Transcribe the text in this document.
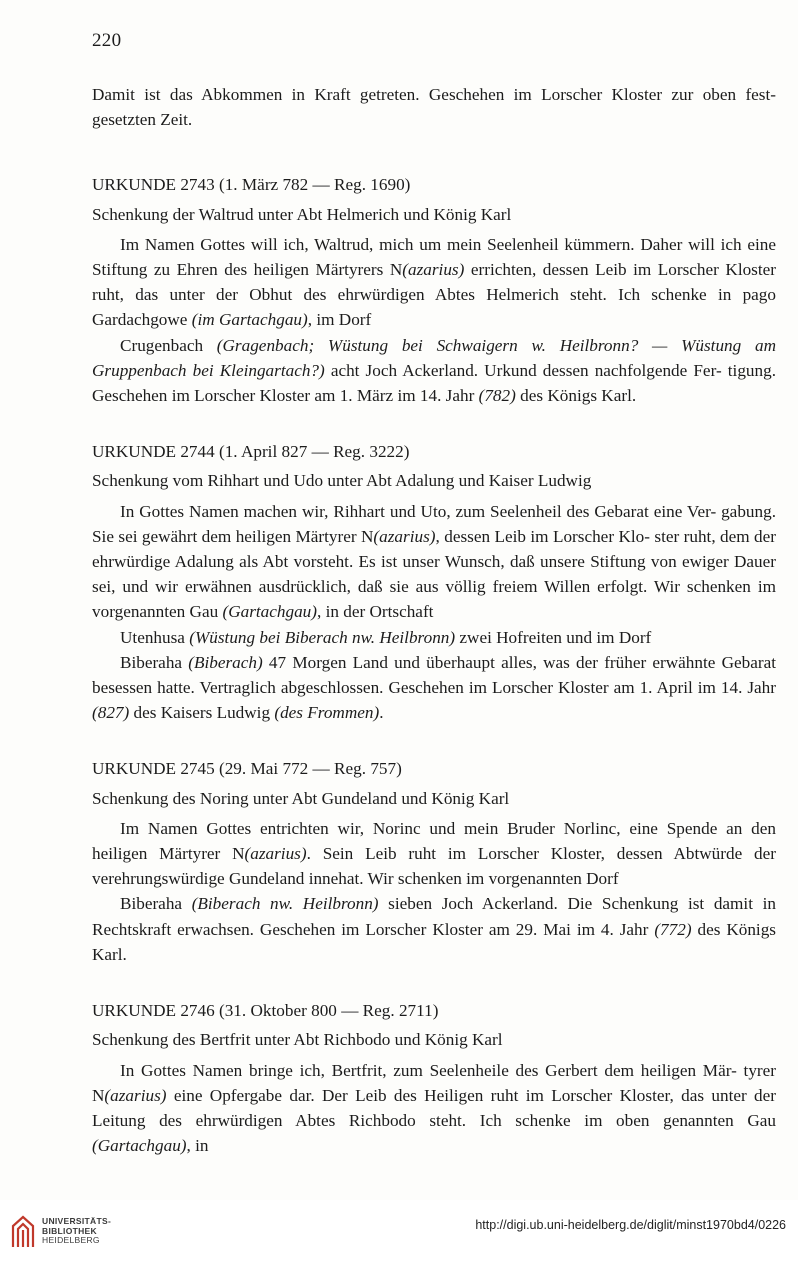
220

Damit ist das Abkommen in Kraft getreten. Geschehen im Lorscher Kloster zur oben fest- gesetzten Zeit.

URKUNDE 2743 (1. März 782 — Reg. 1690)

Schenkung der Waltrud unter Abt Helmerich und König Karl

Im Namen Gottes will ich, Waltrud, mich um mein Seelenheil kümmern. Daher will ich eine Stiftung zu Ehren des heiligen Märtyrers N(azarius) errichten, dessen Leib im Lorscher Kloster ruht, das unter der Obhut des ehrwürdigen Abtes Helmerich steht. Ich schenke in pago Gardachgowe (im Gartachgau), im Dorf

Crugenbach (Gragenbach; Wüstung bei Schwaigern w. Heilbronn? — Wüstung am Gruppenbach bei Kleingartach?) acht Joch Ackerland. Urkund dessen nachfolgende Fer- tigung. Geschehen im Lorscher Kloster am 1. März im 14. Jahr (782) des Königs Karl.

URKUNDE 2744 (1. April 827 — Reg. 3222)

Schenkung vom Rihhart und Udo unter Abt Adalung und Kaiser Ludwig

In Gottes Namen machen wir, Rihhart und Uto, zum Seelenheil des Gebarat eine Ver- gabung. Sie sei gewährt dem heiligen Märtyrer N(azarius), dessen Leib im Lorscher Klo- ster ruht, dem der ehrwürdige Adalung als Abt vorsteht. Es ist unser Wunsch, daß unsere Stiftung von ewiger Dauer sei, und wir erwähnen ausdrücklich, daß sie aus völlig freiem Willen erfolgt. Wir schenken im vorgenannten Gau (Gartachgau), in der Ortschaft

Utenhusa (Wüstung bei Biberach nw. Heilbronn) zwei Hofreiten und im Dorf

Biberaha (Biberach) 47 Morgen Land und überhaupt alles, was der früher erwähnte Gebarat besessen hatte. Vertraglich abgeschlossen. Geschehen im Lorscher Kloster am 1. April im 14. Jahr (827) des Kaisers Ludwig (des Frommen).

URKUNDE 2745 (29. Mai 772 — Reg. 757)

Schenkung des Noring unter Abt Gundeland und König Karl

Im Namen Gottes entrichten wir, Norinc und mein Bruder Norlinc, eine Spende an den heiligen Märtyrer N(azarius). Sein Leib ruht im Lorscher Kloster, dessen Abtwürde der verehrungswürdige Gundeland innehat. Wir schenken im vorgenannten Dorf

Biberaha (Biberach nw. Heilbronn) sieben Joch Ackerland. Die Schenkung ist damit in Rechtskraft erwachsen. Geschehen im Lorscher Kloster am 29. Mai im 4. Jahr (772) des Königs Karl.

URKUNDE 2746 (31. Oktober 800 — Reg. 2711)

Schenkung des Bertfrit unter Abt Richbodo und König Karl

In Gottes Namen bringe ich, Bertfrit, zum Seelenheile des Gerbert dem heiligen Mär- tyrer N(azarius) eine Opfergabe dar. Der Leib des Heiligen ruht im Lorscher Kloster, das unter der Leitung des ehrwürdigen Abtes Richbodo steht. Ich schenke im oben genannten Gau (Gartachgau), in

UNIVERSITÄTS-
BIBLIOTHEK
HEIDELBERG
http://digi.ub.uni-heidelberg.de/diglit/minst1970bd4/0226
